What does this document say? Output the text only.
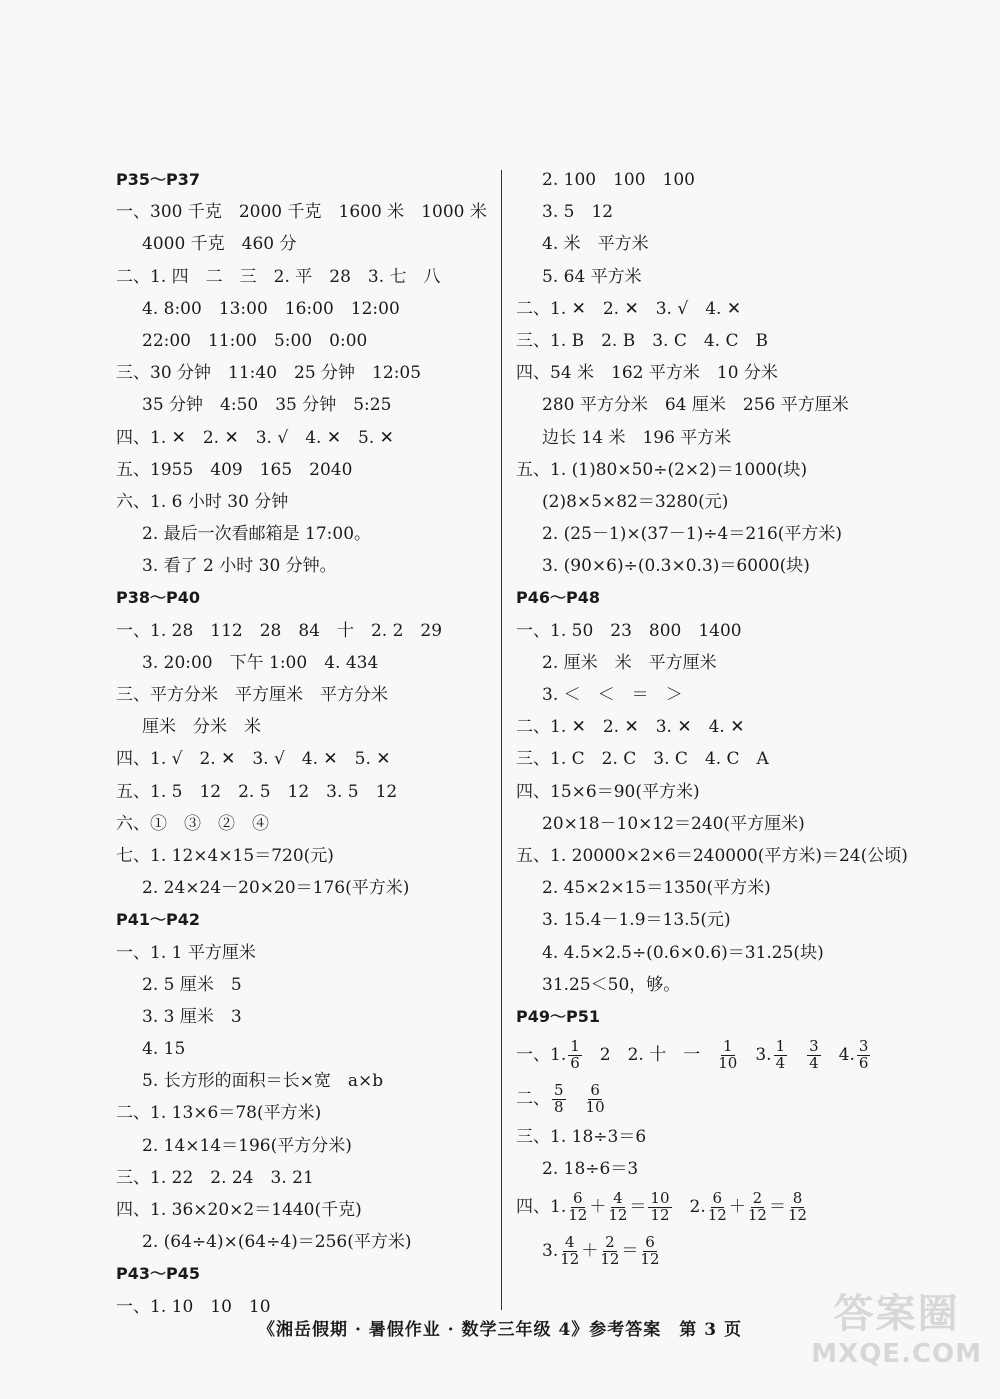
P35～P37
一、300 千克　2000 千克　1600 米　1000 米
4000 千克　460 分
二、1. 四　二　三　2. 平　28　3. 七　八
4. 8:00　13:00　16:00　12:00
22:00　11:00　5:00　0:00
三、30 分钟　11:40　25 分钟　12:05
35 分钟　4:50　35 分钟　5:25
四、1. ✕　2. ✕　3. √　4. ✕　5. ✕
五、1955　409　165　2040
六、1. 6 小时 30 分钟
2. 最后一次看邮箱是 17:00。
3. 看了 2 小时 30 分钟。
P38～P40
一、1. 28　112　28　84　十　2. 2　29
3. 20:00　下午 1:00　4. 434
三、平方分米　平方厘米　平方分米
厘米　分米　米
四、1. √　2. ✕　3. √　4. ✕　5. ✕
五、1. 5　12　2. 5　12　3. 5　12
六、①　③　②　④
七、1. 12×4×15＝720(元)
2. 24×24－20×20＝176(平方米)
P41～P42
一、1. 1 平方厘米
2. 5 厘米　5
3. 3 厘米　3
4. 15
5. 长方形的面积＝长×宽　a×b
二、1. 13×6＝78(平方米)
2. 14×14＝196(平方分米)
三、1. 22　2. 24　3. 21
四、1. 36×20×2＝1440(千克)
2. (64÷4)×(64÷4)＝256(平方米)
P43～P45
一、1. 10　10　10
2. 100　100　100
3. 5　12
4. 米　平方米
5. 64 平方米
二、1. ✕　2. ✕　3. √　4. ✕
三、1. B　2. B　3. C　4. C　B
四、54 米　162 平方米　10 分米
280 平方分米　64 厘米　256 平方厘米
边长 14 米　196 平方米
五、1. (1)80×50÷(2×2)＝1000(块)
(2)8×5×82＝3280(元)
2. (25－1)×(37－1)÷4＝216(平方米)
3. (90×6)÷(0.3×0.3)＝6000(块)
P46～P48
一、1. 50　23　800　1400
2. 厘米　米　平方厘米
3. ＜　＜　＝　＞
二、1. ✕　2. ✕　3. ✕　4. ✕
三、1. C　2. C　3. C　4. C　A
四、15×6＝90(平方米)
20×18－10×12＝240(平方厘米)
五、1. 20000×2×6＝240000(平方米)＝24(公顷)
2. 45×2×15＝1350(平方米)
3. 15.4－1.9＝13.5(元)
4. 4.5×2.5÷(0.6×0.6)＝31.25(块)
31.25＜50，够。
P49～P51
一、1. $\frac{1}{6} 2$　2. 十　一 $\frac{1}{10} 3$. $\frac{1}{4} \frac{3}{4} 4$. $\frac{3}{6}$
二、 $\frac{5}{8} \frac{6}{10}$
三、1. 18÷3＝6
2. 18÷6＝3
四、1. $\frac{6}{12} + \frac{4}{12} = \frac{10}{12} 2$. $\frac{6}{12} + \frac{2}{12} = \frac{8}{12}$
3. $\frac{4}{12} + \frac{2}{12} = \frac{6}{12}$
《湘岳假期 · 暑假作业 · 数学三年级 4》参考答案　第 3 页	答案圈
MXQE.COM
